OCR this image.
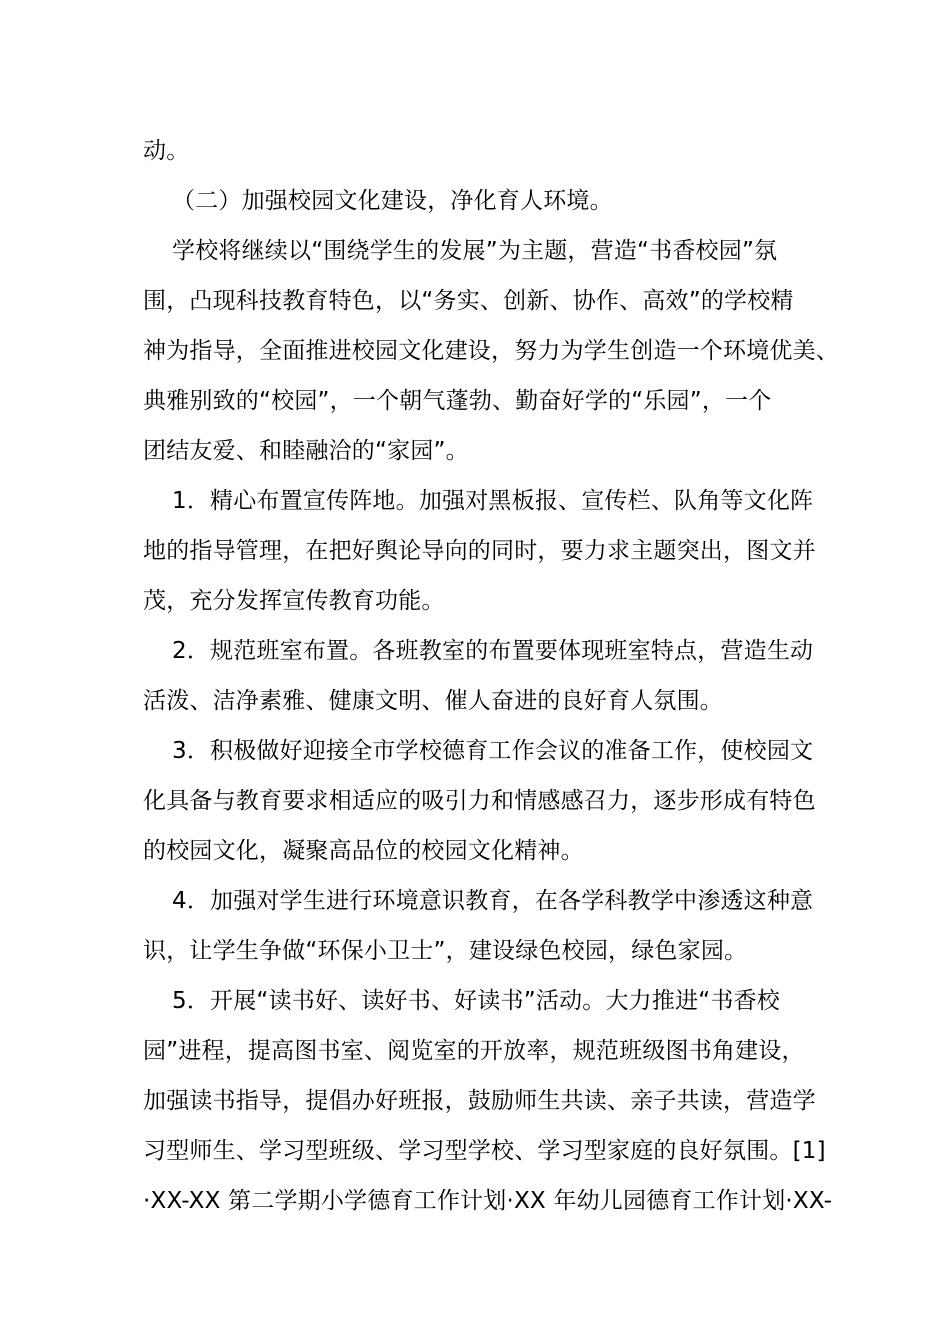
动。
（二）加强校园文化建设，净化育人环境。
学校将继续以“围绕学生的发展”为主题，营造“书香校园”氛
围，凸现科技教育特色，以“务实、创新、协作、高效”的学校精
神为指导，全面推进校园文化建设，努力为学生创造一个环境优美、
典雅别致的“校园”，一个朝气蓬勃、勤奋好学的“乐园”，一个
团结友爱、和睦融洽的“家园”。
1．精心布置宣传阵地。加强对黑板报、宣传栏、队角等文化阵
地的指导管理，在把好舆论导向的同时，要力求主题突出，图文并
茂，充分发挥宣传教育功能。
2．规范班室布置。各班教室的布置要体现班室特点，营造生动
活泼、洁净素雅、健康文明、催人奋进的良好育人氛围。
3．积极做好迎接全市学校德育工作会议的准备工作，使校园文
化具备与教育要求相适应的吸引力和情感感召力，逐步形成有特色
的校园文化，凝聚高品位的校园文化精神。
4．加强对学生进行环境意识教育，在各学科教学中渗透这种意
识，让学生争做“环保小卫士”，建设绿色校园，绿色家园。
5．开展“读书好、读好书、好读书”活动。大力推进“书香校
园”进程，提高图书室、阅览室的开放率，规范班级图书角建设，
加强读书指导，提倡办好班报，鼓励师生共读、亲子共读，营造学
习型师生、学习型班级、学习型学校、学习型家庭的良好氛围。[1]
·XX-XX 第二学期小学德育工作计划·XX 年幼儿园德育工作计划·XX-
